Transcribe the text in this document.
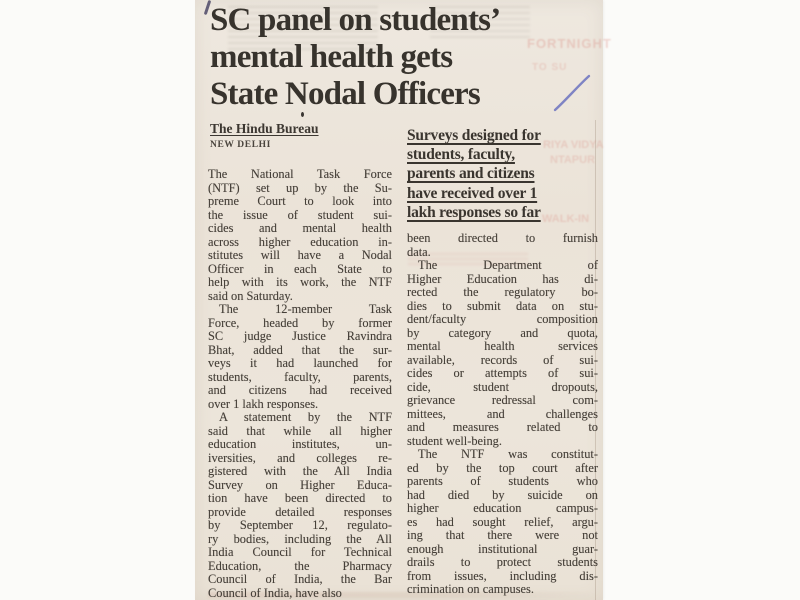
FORTNIGHT
TO SU
RIYA VIDYA
NTAPUR
WALK-IN
SC panel on students’
mental health gets
State Nodal Officers
The Hindu Bureau
NEW DELHI
Surveys designed for
students, faculty,
parents and citizens
have received over 1
lakh responses so far
The National Task Force
(NTF) set up by the Su-
preme Court to look into
the issue of student sui-
cides and mental health
across higher education in-
stitutes will have a Nodal
Officer in each State to
help with its work, the NTF
said on Saturday.
The 12-member Task
Force, headed by former
SC judge Justice Ravindra
Bhat, added that the sur-
veys it had launched for
students, faculty, parents,
and citizens had received
over 1 lakh responses.
A statement by the NTF
said that while all higher
education institutes, un-
iversities, and colleges re-
gistered with the All India
Survey on Higher Educa-
tion have been directed to
provide detailed responses
by September 12, regulato-
ry bodies, including the All
India Council for Technical
Education, the Pharmacy
Council of India, the Bar
Council of India, have also
been directed to furnish
data.
The Department of
Higher Education has di-
rected the regulatory bo-
dies to submit data on stu-
dent/faculty composition
by category and quota,
mental health services
available, records of sui-
cides or attempts of sui-
cide, student dropouts,
grievance redressal com-
mittees, and challenges
and measures related to
student well-being.
The NTF was constitut-
ed by the top court after
parents of students who
had died by suicide on
higher education campus-
es had sought relief, argu-
ing that there were not
enough institutional guar-
drails to protect students
from issues, including dis-
crimination on campuses.
